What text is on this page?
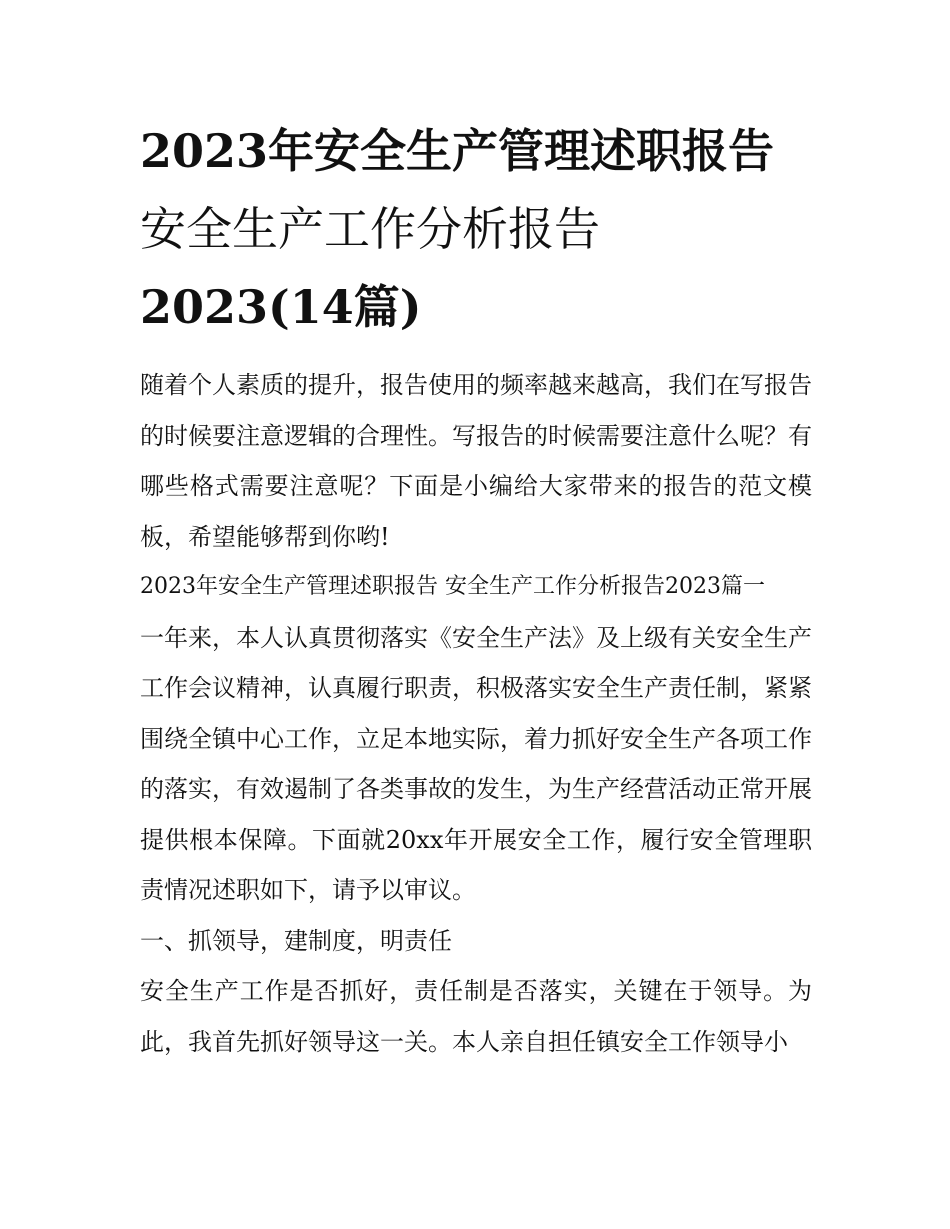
2023年安全生产管理述职报告
安全生产工作分析报告
2023(14篇)

随着个人素质的提升，报告使用的频率越来越高，我们在写报告的时候要注意逻辑的合理性。写报告的时候需要注意什么呢？有哪些格式需要注意呢？下面是小编给大家带来的报告的范文模板，希望能够帮到你哟!

2023年安全生产管理述职报告 安全生产工作分析报告2023篇一

一年来，本人认真贯彻落实《安全生产法》及上级有关安全生产工作会议精神，认真履行职责，积极落实安全生产责任制，紧紧围绕全镇中心工作，立足本地实际，着力抓好安全生产各项工作的落实，有效遏制了各类事故的发生，为生产经营活动正常开展提供根本保障。下面就20xx年开展安全工作，履行安全管理职责情况述职如下，请予以审议。

一、抓领导，建制度，明责任

安全生产工作是否抓好，责任制是否落实，关键在于领导。为此，我首先抓好领导这一关。本人亲自担任镇安全工作领导小
